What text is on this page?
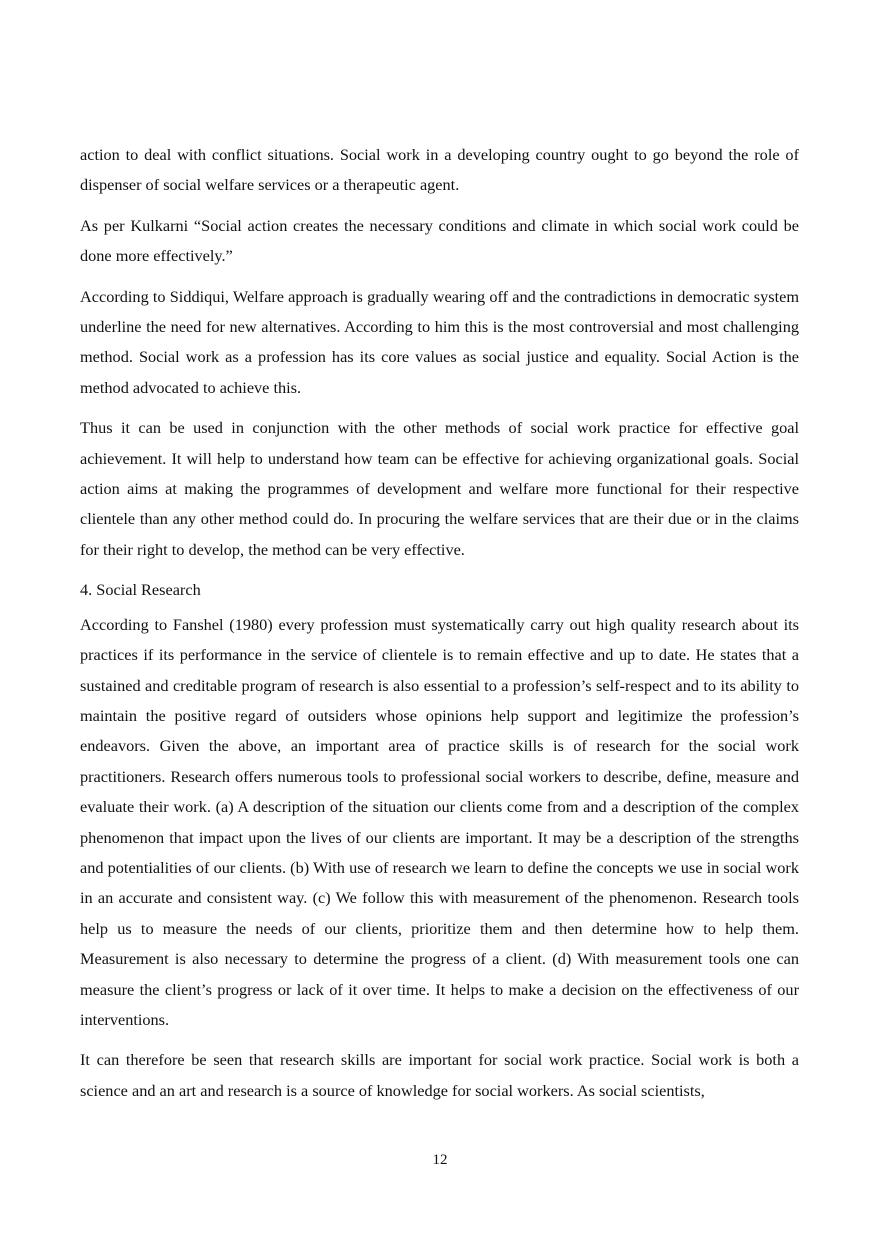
action to deal with conflict situations. Social work in a developing country ought to go beyond the role of dispenser of social welfare services or a therapeutic agent.

As per Kulkarni “Social action creates the necessary conditions and climate in which social work could be done more effectively.”

According to Siddiqui, Welfare approach is gradually wearing off and the contradictions in democratic system underline the need for new alternatives. According to him this is the most controversial and most challenging method. Social work as a profession has its core values as social justice and equality. Social Action is the method advocated to achieve this.

Thus it can be used in conjunction with the other methods of social work practice for effective goal achievement. It will help to understand how team can be effective for achieving organizational goals. Social action aims at making the programmes of development and welfare more functional for their respective clientele than any other method could do. In procuring the welfare services that are their due or in the claims for their right to develop, the method can be very effective.

4. Social Research

According to Fanshel (1980) every profession must systematically carry out high quality research about its practices if its performance in the service of clientele is to remain effective and up to date. He states that a sustained and creditable program of research is also essential to a profession’s self-respect and to its ability to maintain the positive regard of outsiders whose opinions help support and legitimize the profession’s endeavors. Given the above, an important area of practice skills is of research for the social work practitioners. Research offers numerous tools to professional social workers to describe, define, measure and evaluate their work. (a) A description of the situation our clients come from and a description of the complex phenomenon that impact upon the lives of our clients are important. It may be a description of the strengths and potentialities of our clients. (b) With use of research we learn to define the concepts we use in social work in an accurate and consistent way. (c) We follow this with measurement of the phenomenon. Research tools help us to measure the needs of our clients, prioritize them and then determine how to help them. Measurement is also necessary to determine the progress of a client. (d) With measurement tools one can measure the client’s progress or lack of it over time. It helps to make a decision on the effectiveness of our interventions.

It can therefore be seen that research skills are important for social work practice. Social work is both a science and an art and research is a source of knowledge for social workers. As social scientists,

12
